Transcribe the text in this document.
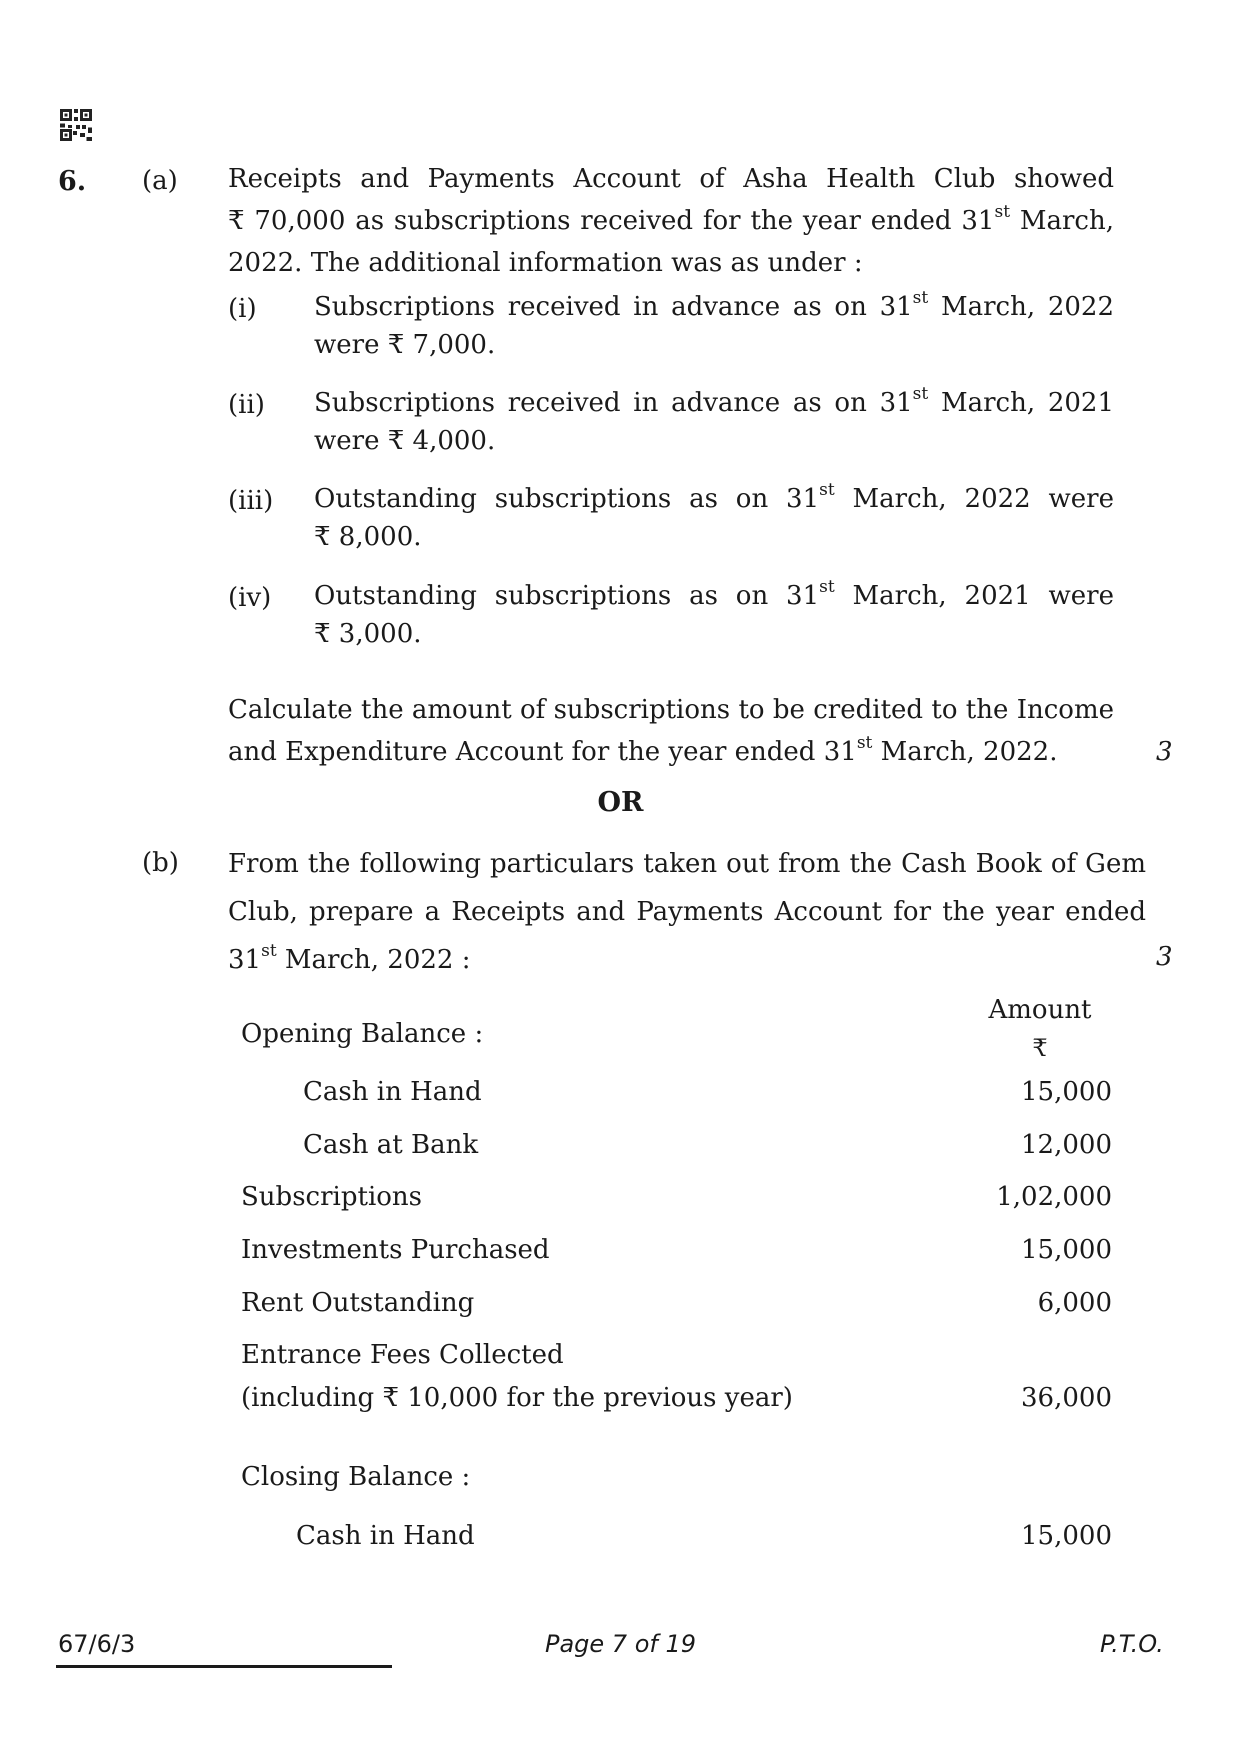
6. (a) Receipts and Payments Account of Asha Health Club showed
₹ 70,000 as subscriptions received for the year ended 31st March,
2022. The additional information was as under :
(i) Subscriptions received in advance as on 31st March, 2022
were ₹ 7,000.
(ii) Subscriptions received in advance as on 31st March, 2021
were ₹ 4,000.
(iii) Outstanding subscriptions as on 31st March, 2022 were
₹ 8,000.
(iv) Outstanding subscriptions as on 31st March, 2021 were
₹ 3,000.
Calculate the amount of subscriptions to be credited to the Income
and Expenditure Account for the year ended 31st March, 2022.	3
OR
(b) From the following particulars taken out from the Cash Book of Gem
Club, prepare a Receipts and Payments Account for the year ended
31st March, 2022 :	3
Amount
₹
Opening Balance :
Cash in Hand	15,000
Cash at Bank	12,000
Subscriptions	1,02,000
Investments Purchased	15,000
Rent Outstanding	6,000
Entrance Fees Collected
(including ₹ 10,000 for the previous year)	36,000
Closing Balance :
Cash in Hand	15,000
67/6/3	Page 7 of 19	P.T.O.
